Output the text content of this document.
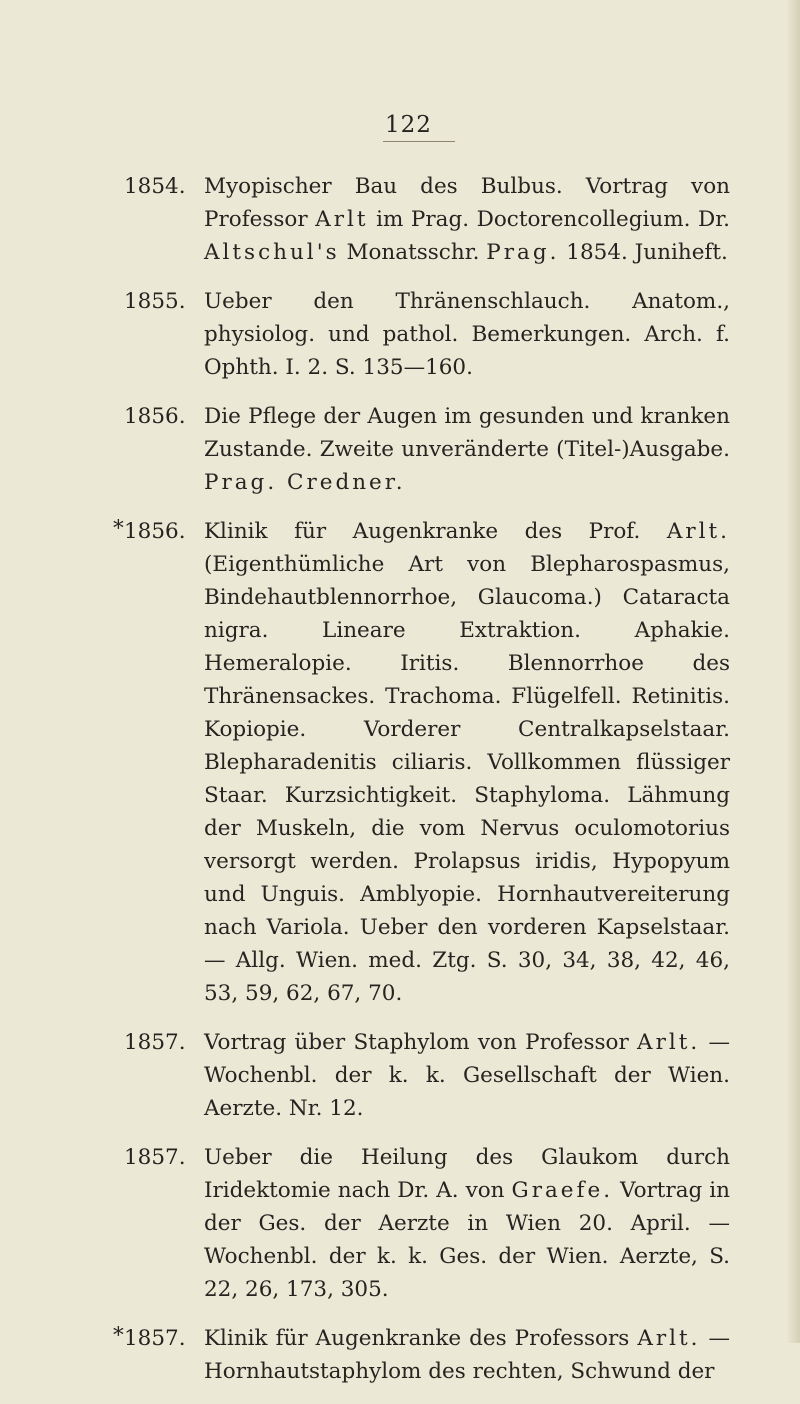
122
1854. Myopischer Bau des Bulbus. Vortrag von Professor Arlt im Prag. Doctorencollegium. Dr. Altschul's Monatsschr. Prag. 1854. Juniheft.
1855. Ueber den Thränenschlauch. Anatom., physiolog. und pathol. Bemerkungen. Arch. f. Ophth. I. 2. S. 135—160.
1856. Die Pflege der Augen im gesunden und kranken Zustande. Zweite unveränderte (Titel-)Ausgabe. Prag. Credner.
* 1856. Klinik für Augenkranke des Prof. Arlt. (Eigenthümliche Art von Blepharospasmus, Bindehautblennorrhoe, Glaucoma.) Cataracta nigra. Lineare Extraktion. Aphakie. Hemeralopie. Iritis. Blennorrhoe des Thränensackes. Trachoma. Flügelfell. Retinitis. Kopiopie. Vorderer Centralkapselstaar. Blepharadenitis ciliaris. Vollkommen flüssiger Staar. Kurzsichtigkeit. Staphyloma. Lähmung der Muskeln, die vom Nervus oculomotorius versorgt werden. Prolapsus iridis, Hypopyum und Unguis. Amblyopie. Hornhautvereiterung nach Variola. Ueber den vorderen Kapselstaar. — Allg. Wien. med. Ztg. S. 30, 34, 38, 42, 46, 53, 59, 62, 67, 70.
1857. Vortrag über Staphylom von Professor Arlt. — Wochenbl. der k. k. Gesellschaft der Wien. Aerzte. Nr. 12.
1857. Ueber die Heilung des Glaukom durch Iridektomie nach Dr. A. von Graefe. Vortrag in der Ges. der Aerzte in Wien 20. April. — Wochenbl. der k. k. Ges. der Wien. Aerzte, S. 22, 26, 173, 305.
* 1857. Klinik für Augenkranke des Professors Arlt. — Hornhautstaphylom des rechten, Schwund der
